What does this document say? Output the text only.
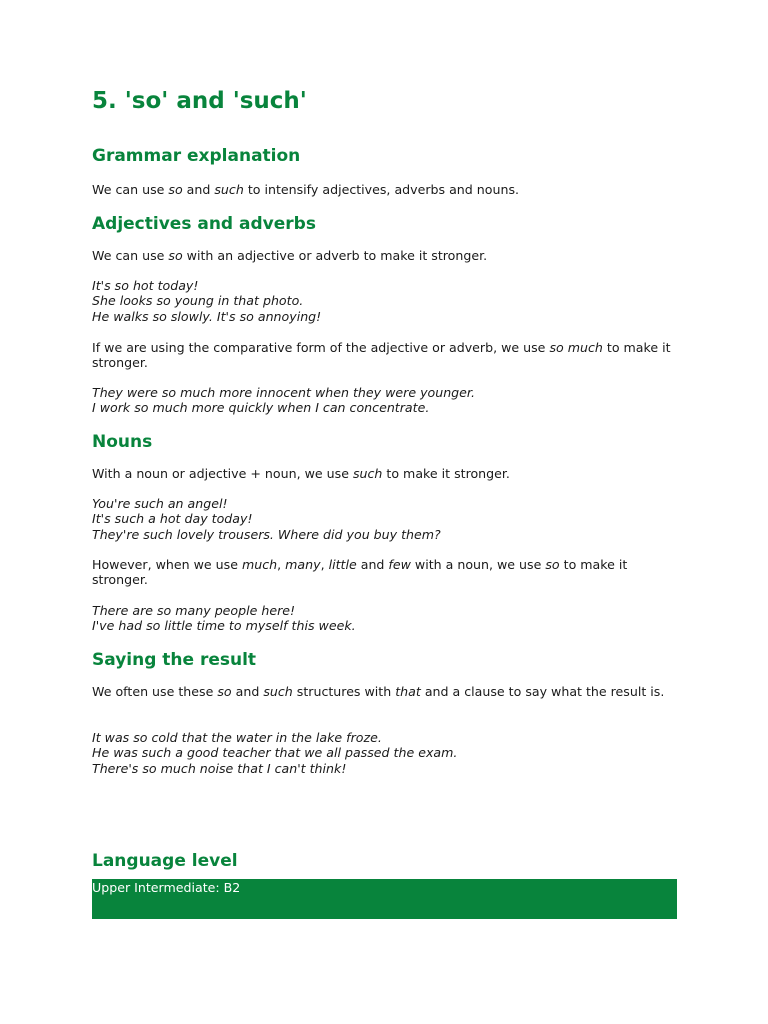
5. 'so' and 'such'
Grammar explanation

We can use so and such to intensify adjectives, adverbs and nouns.

Adjectives and adverbs

We can use so with an adjective or adverb to make it stronger.

It's so hot today!
She looks so young in that photo.
He walks so slowly. It's so annoying!

If we are using the comparative form of the adjective or adverb, we use so much to make it stronger.

They were so much more innocent when they were younger.
I work so much more quickly when I can concentrate.
Nouns

With a noun or adjective + noun, we use such to make it stronger.

You're such an angel!
It's such a hot day today!
They're such lovely trousers. Where did you buy them?

However, when we use much, many, little and few with a noun, we use so to make it stronger.

There are so many people here!
I've had so little time to myself this week.
Saying the result

We often use these so and such structures with that and a clause to say what the result is.

It was so cold that the water in the lake froze.
He was such a good teacher that we all passed the exam.
There's so much noise that I can't think!
Language level
Upper Intermediate: B2
